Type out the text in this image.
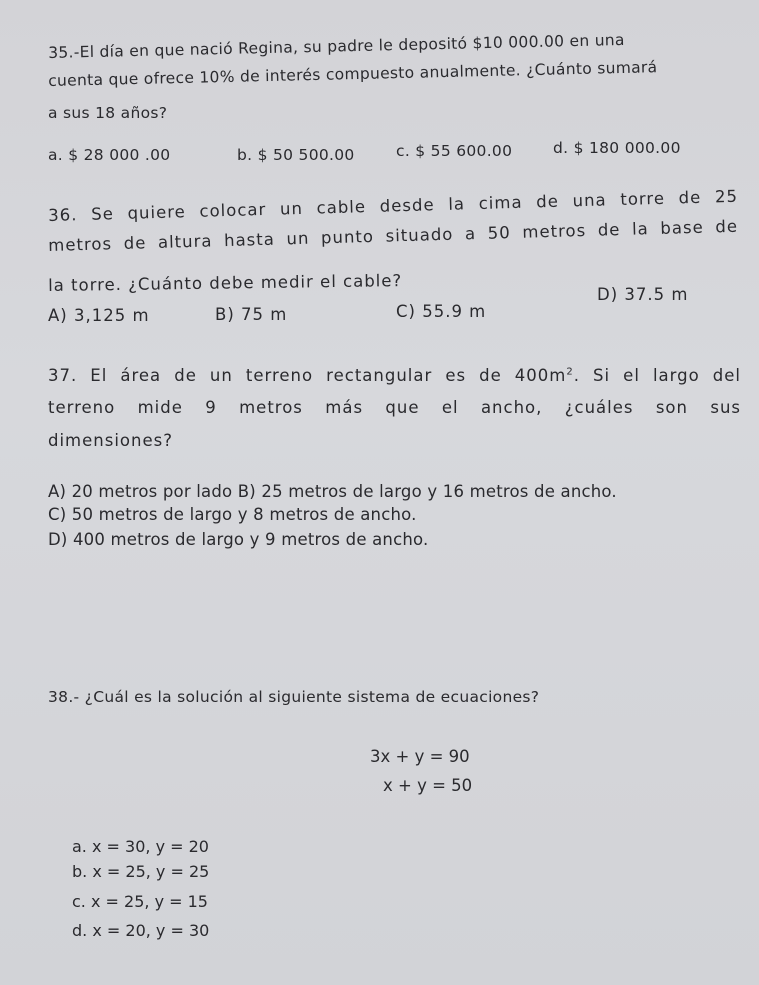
35.-El día en que nació Regina, su padre le depositó $10 000.00 en una
cuenta que ofrece 10% de interés compuesto anualmente. ¿Cuánto sumará
a sus 18 años?
a. $ 28 000 .00	b. $ 50 500.00	c. $ 55 600.00	d. $ 180 000.00
36. Se quiere colocar un cable desde la cima de una torre de 25
metros de altura hasta un punto situado a 50 metros de la base de
la torre. ¿Cuánto debe medir el cable?
A) 3,125 m	B) 75 m	C) 55.9 m
D) 37.5 m
37. El área de un terreno rectangular es de $400m^2$. Si el largo del
terreno mide 9 metros más que el ancho, ¿cuáles son sus
dimensiones?
A) 20 metros por lado B) 25 metros de largo y 16 metros de ancho.
C) 50 metros de largo y 8 metros de ancho.
D) 400 metros de largo y 9 metros de ancho.
38.- ¿Cuál es la solución al siguiente sistema de ecuaciones?
3x + y = 90
x + y = 50
a. x = 30, y = 20
b. x = 25, y = 25
c. x = 25, y = 15
d. x = 20, y = 30
